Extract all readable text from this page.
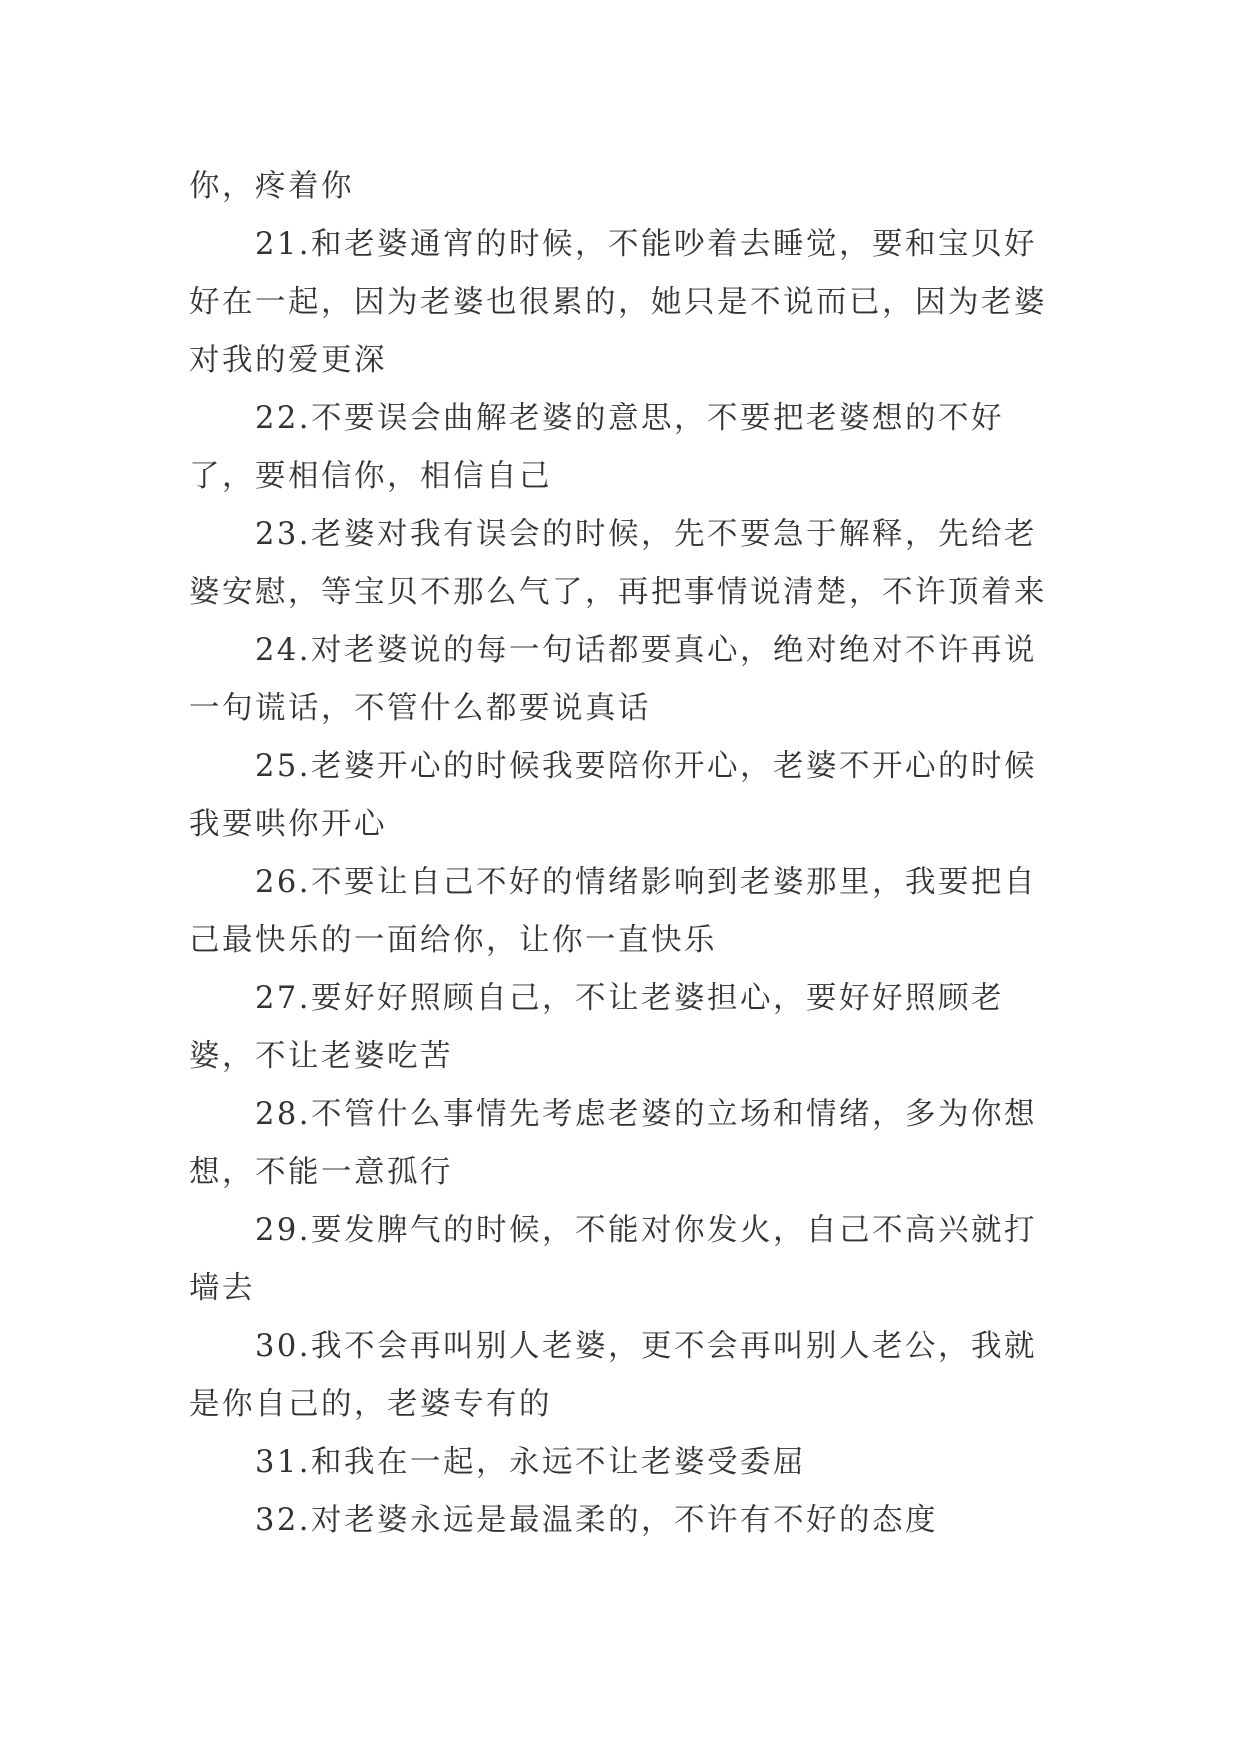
你，疼着你

21.和老婆通宵的时候，不能吵着去睡觉，要和宝贝好好在一起，因为老婆也很累的，她只是不说而已，因为老婆对我的爱更深

22.不要误会曲解老婆的意思，不要把老婆想的不好了，要相信你，相信自己

23.老婆对我有误会的时候，先不要急于解释，先给老婆安慰，等宝贝不那么气了，再把事情说清楚，不许顶着来

24.对老婆说的每一句话都要真心，绝对绝对不许再说一句谎话，不管什么都要说真话

25.老婆开心的时候我要陪你开心，老婆不开心的时候我要哄你开心

26.不要让自己不好的情绪影响到老婆那里，我要把自己最快乐的一面给你，让你一直快乐

27.要好好照顾自己，不让老婆担心，要好好照顾老婆，不让老婆吃苦

28.不管什么事情先考虑老婆的立场和情绪，多为你想想，不能一意孤行

29.要发脾气的时候，不能对你发火，自己不高兴就打墙去

30.我不会再叫别人老婆，更不会再叫别人老公，我就是你自己的，老婆专有的

31.和我在一起，永远不让老婆受委屈

32.对老婆永远是最温柔的，不许有不好的态度
